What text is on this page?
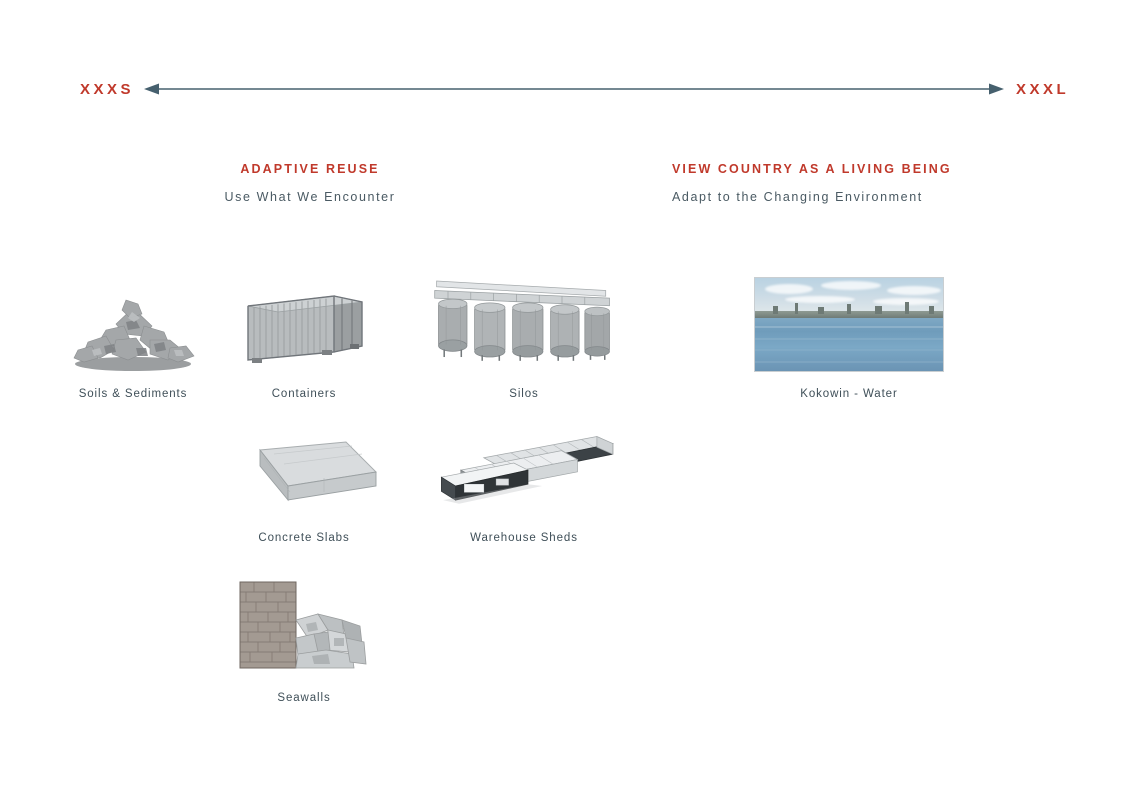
XXXS	XXXL
ADAPTIVE REUSE
Use What We Encounter
VIEW COUNTRY AS A LIVING BEING
Adapt to the Changing Environment
Soils & Sediments	Containers	Silos	Kokowin - Water
Concrete Slabs	Warehouse Sheds
Seawalls
